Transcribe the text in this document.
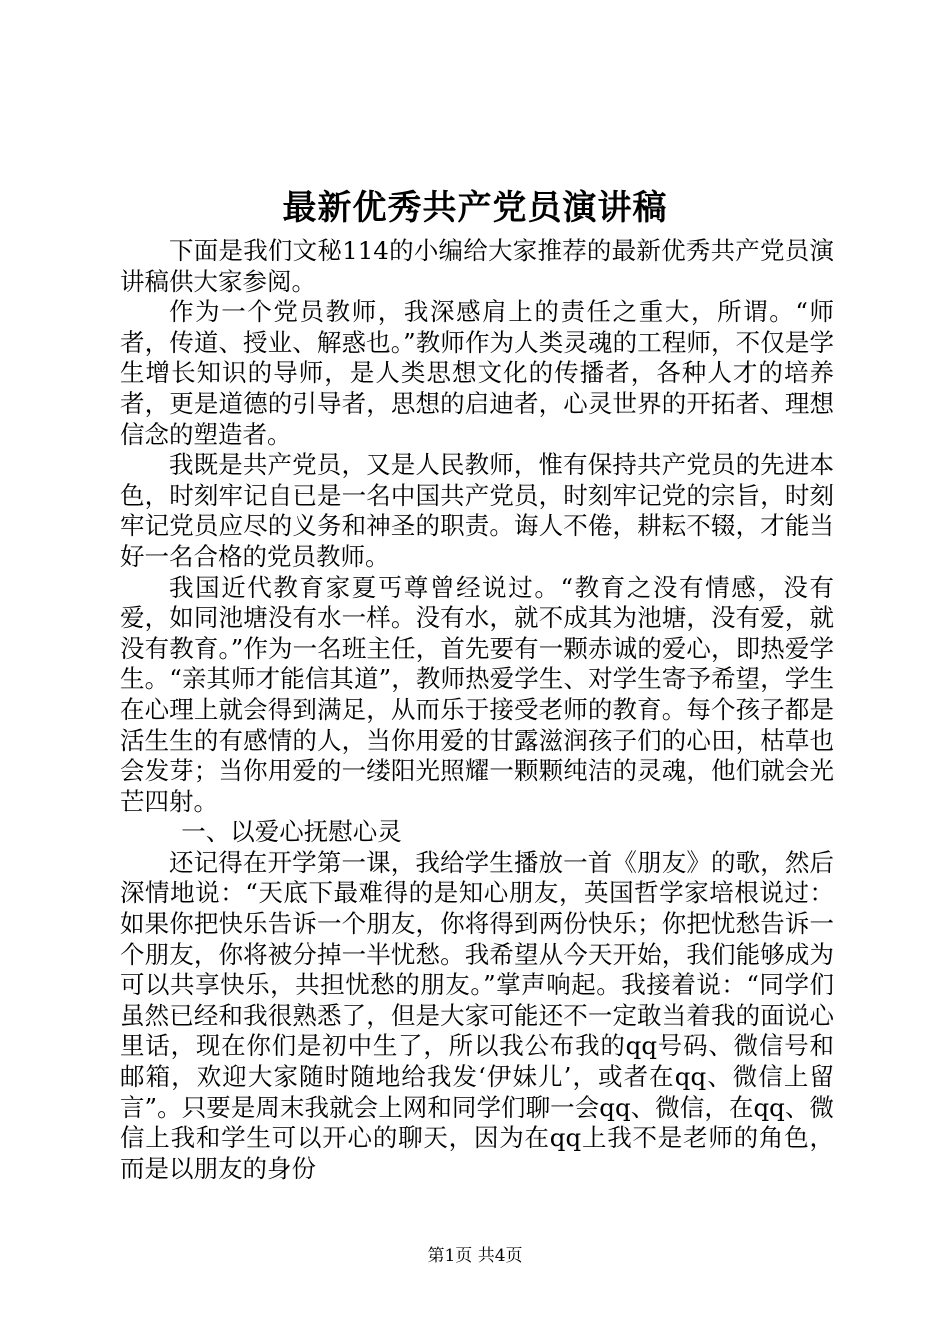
最新优秀共产党员演讲稿

下面是我们文秘114的小编给大家推荐的最新优秀共产党员演讲稿供大家参阅。

作为一个党员教师，我深感肩上的责任之重大，所谓。“师者，传道、授业、解惑也。”教师作为人类灵魂的工程师，不仅是学生增长知识的导师，是人类思想文化的传播者，各种人才的培养者，更是道德的引导者，思想的启迪者，心灵世界的开拓者、理想信念的塑造者。

我既是共产党员，又是人民教师，惟有保持共产党员的先进本色，时刻牢记自已是一名中国共产党员，时刻牢记党的宗旨，时刻牢记党员应尽的义务和神圣的职责。诲人不倦，耕耘不辍，才能当好一名合格的党员教师。

我国近代教育家夏丐尊曾经说过。“教育之没有情感，没有爱，如同池塘没有水一样。没有水，就不成其为池塘，没有爱，就没有教育。”作为一名班主任，首先要有一颗赤诚的爱心，即热爱学生。“亲其师才能信其道”，教师热爱学生、对学生寄予希望，学生在心理上就会得到满足，从而乐于接受老师的教育。每个孩子都是活生生的有感情的人，当你用爱的甘露滋润孩子们的心田，枯草也会发芽；当你用爱的一缕阳光照耀一颗颗纯洁的灵魂，他们就会光芒四射。

一、以爱心抚慰心灵

还记得在开学第一课，我给学生播放一首《朋友》的歌，然后深情地说：“天底下最难得的是知心朋友，英国哲学家培根说过：如果你把快乐告诉一个朋友，你将得到两份快乐；你把忧愁告诉一个朋友，你将被分掉一半忧愁。我希望从今天开始，我们能够成为可以共享快乐，共担忧愁的朋友。”掌声响起。我接着说：“同学们虽然已经和我很熟悉了，但是大家可能还不一定敢当着我的面说心里话，现在你们是初中生了，所以我公布我的qq号码、微信号和邮箱，欢迎大家随时随地给我发‘伊妹儿’，或者在qq、微信上留言”。只要是周末我就会上网和同学们聊一会qq、微信，在qq、微信上我和学生可以开心的聊天，因为在qq上我不是老师的角色，而是以朋友的身份

第1页 共4页
